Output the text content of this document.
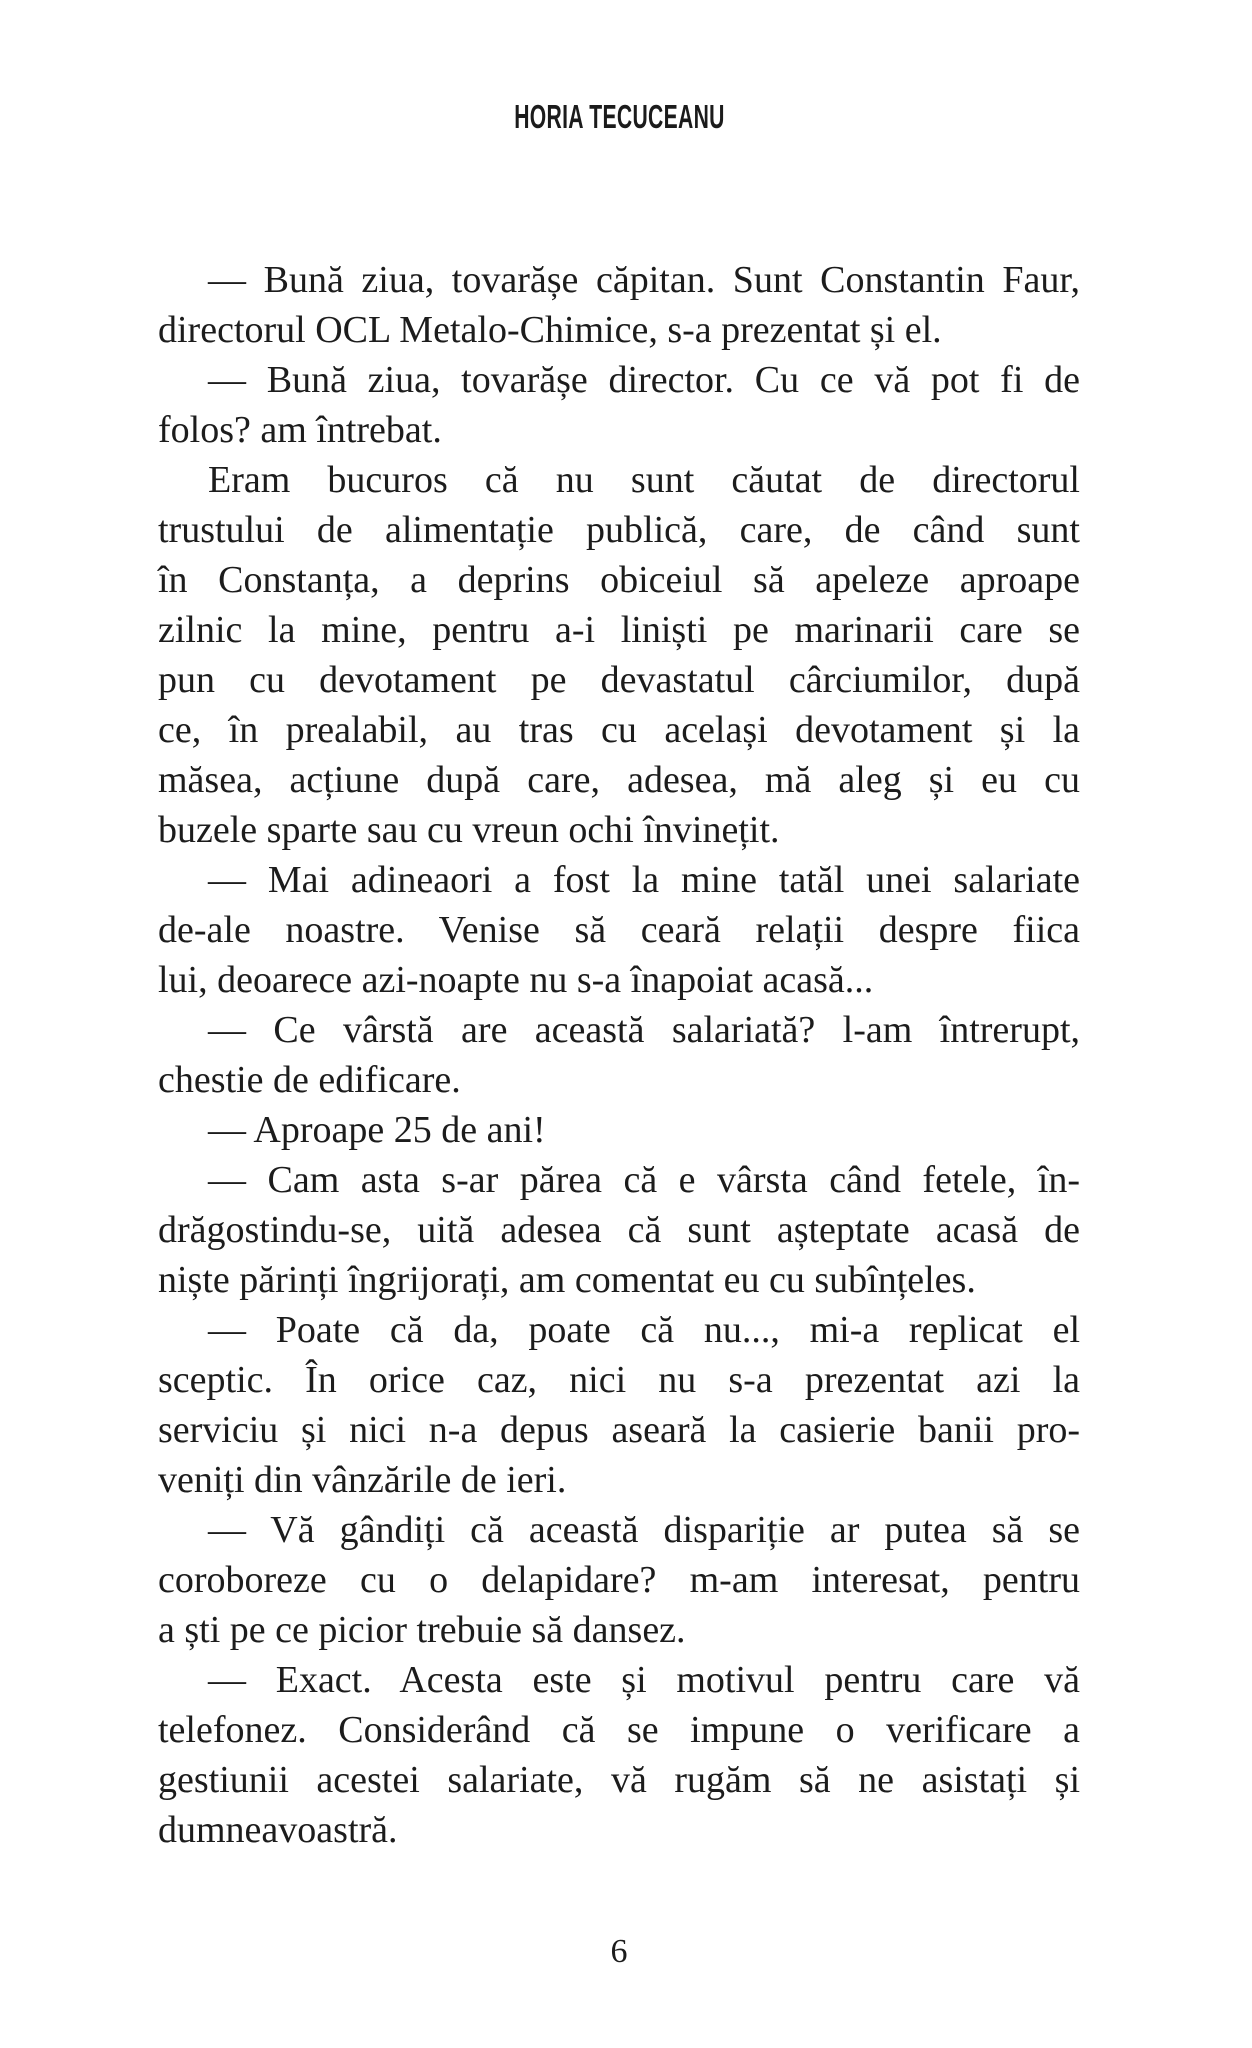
HORIA TECUCEANU

— Bună ziua, tovarășe căpitan. Sunt Constantin Faur,
directorul OCL Metalo-Chimice, s-a prezentat și el.

— Bună ziua, tovarășe director. Cu ce vă pot fi de
folos? am întrebat.

Eram bucuros că nu sunt căutat de directorul
trustului de alimentație publică, care, de când sunt
în Constanța, a deprins obiceiul să apeleze aproape
zilnic la mine, pentru a-i liniști pe marinarii care se
pun cu devotament pe devastatul cârciumilor, după
ce, în prealabil, au tras cu același devotament și la
măsea, acțiune după care, adesea, mă aleg și eu cu
buzele sparte sau cu vreun ochi învinețit.

— Mai adineaori a fost la mine tatăl unei salariate
de-ale noastre. Venise să ceară relații despre fiica
lui, deoarece azi-noapte nu s-a înapoiat acasă...

— Ce vârstă are această salariată? l-am întrerupt,
chestie de edificare.

— Aproape 25 de ani!

— Cam asta s-ar părea că e vârsta când fetele, în-
drăgostindu-se, uită adesea că sunt așteptate acasă de
niște părinți îngrijorați, am comentat eu cu subînțeles.

— Poate că da, poate că nu..., mi-a replicat el
sceptic. În orice caz, nici nu s-a prezentat azi la
serviciu și nici n-a depus aseară la casierie banii pro-
veniți din vânzările de ieri.

— Vă gândiți că această dispariție ar putea să se
coroboreze cu o delapidare? m-am interesat, pentru
a ști pe ce picior trebuie să dansez.

— Exact. Acesta este și motivul pentru care vă
telefonez. Considerând că se impune o verificare a
gestiunii acestei salariate, vă rugăm să ne asistați și
dumneavoastră.

6
